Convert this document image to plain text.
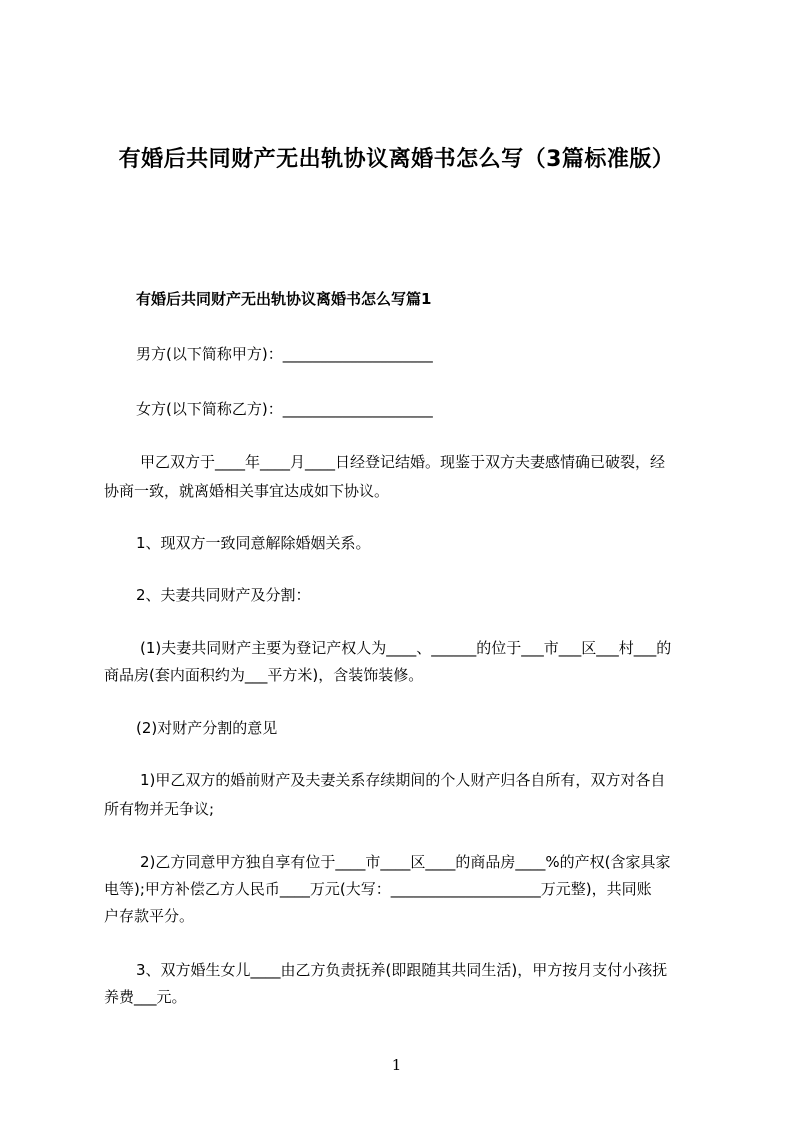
有婚后共同财产无出轨协议离婚书怎么写（3篇标准版）
有婚后共同财产无出轨协议离婚书怎么写篇1
男方(以下简称甲方)：____________________
女方(以下简称乙方)：____________________
甲乙双方于____年____月____日经登记结婚。现鉴于双方夫妻感情确已破裂，经
协商一致，就离婚相关事宜达成如下协议。
1、现双方一致同意解除婚姻关系。
2、夫妻共同财产及分割：
(1)夫妻共同财产主要为登记产权人为____、______的位于___市___区___村___的
商品房(套内面积约为___平方米)，含装饰装修。
(2)对财产分割的意见
1)甲乙双方的婚前财产及夫妻关系存续期间的个人财产归各自所有，双方对各自
所有物并无争议;
2)乙方同意甲方独自享有位于____市____区____的商品房____%的产权(含家具家
电等);甲方补偿乙方人民币____万元(大写：____________________万元整)，共同账
户存款平分。
3、双方婚生女儿____由乙方负责抚养(即跟随其共同生活)，甲方按月支付小孩抚
养费___元。
1
